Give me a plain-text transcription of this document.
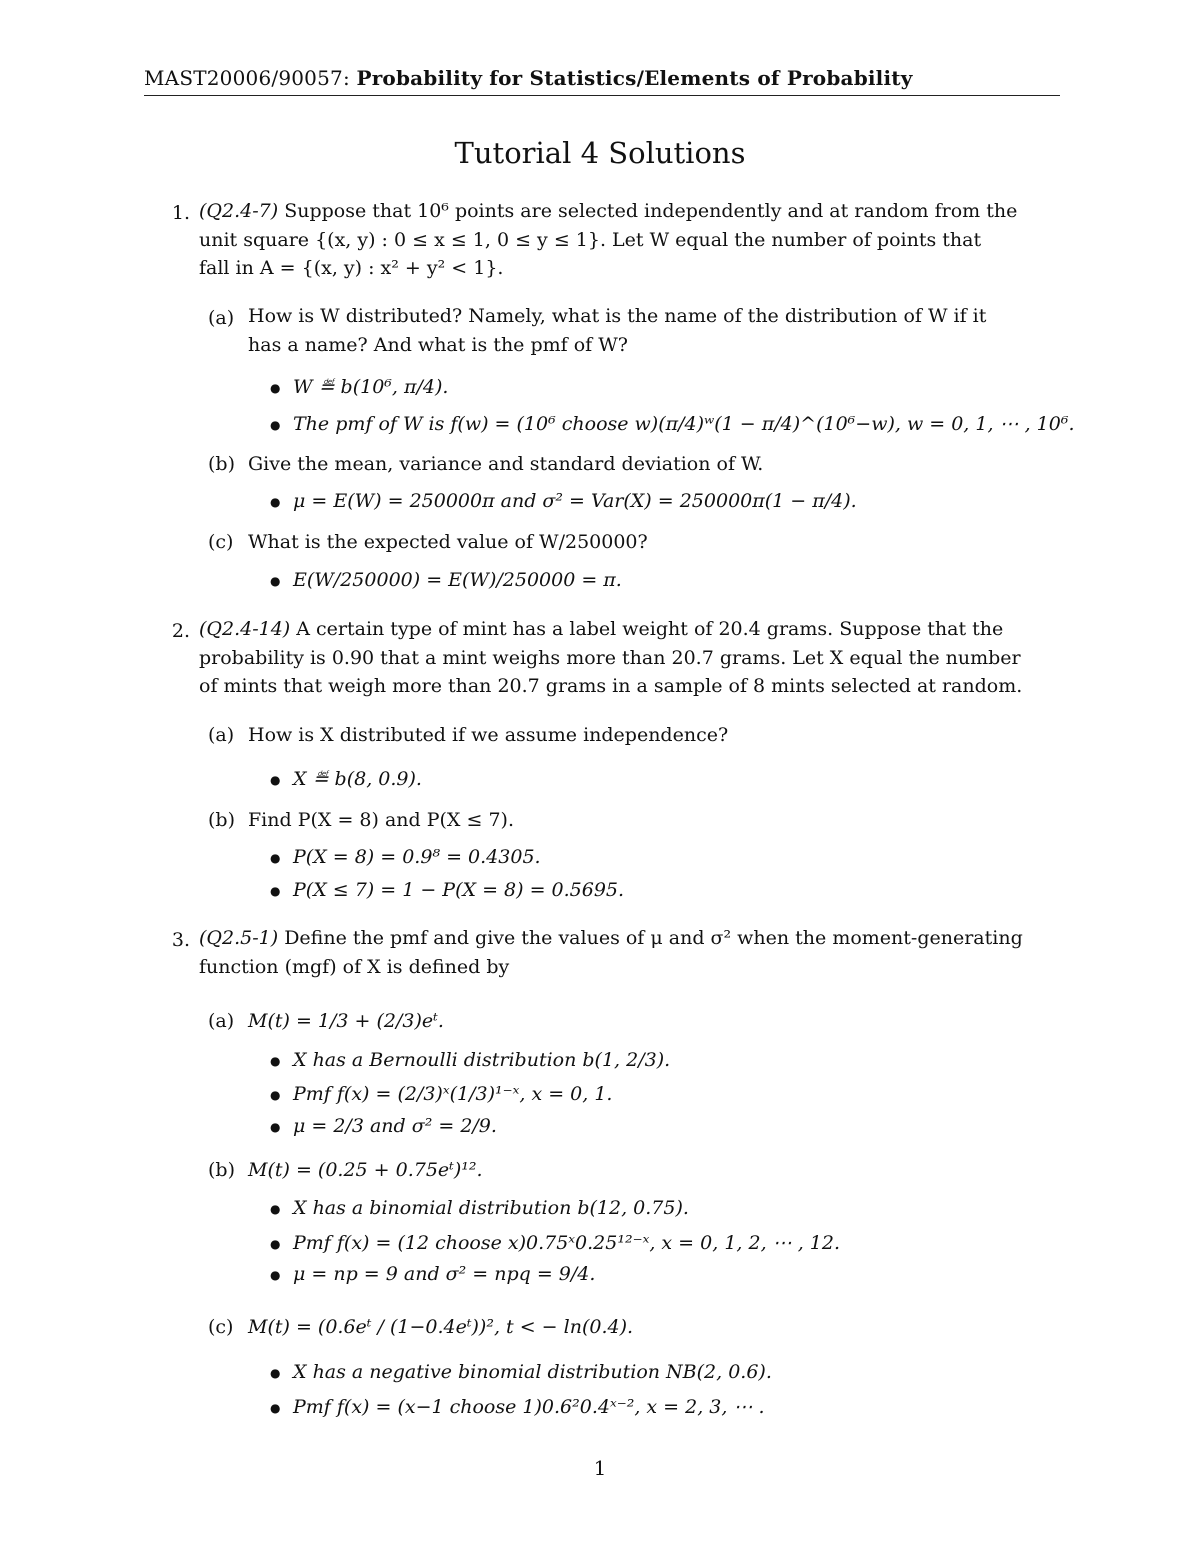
MAST20006/90057: Probability for Statistics/Elements of Probability
Tutorial 4 Solutions
1. (Q2.4-7) Suppose that 10⁶ points are selected independently and at random from the
unit square {(x, y) : 0 ≤ x ≤ 1, 0 ≤ y ≤ 1}. Let W equal the number of points that
fall in A = {(x, y) : x² + y² < 1}.
(a) How is W distributed? Namely, what is the name of the distribution of W if it
has a name? And what is the pmf of W?
● W ≝ b(10⁶, π/4).
● The pmf of W is f(w) = (10⁶ choose w)(π/4)ʷ(1 − π/4)^(10⁶−w), w = 0, 1, ⋯ , 10⁶.
(b) Give the mean, variance and standard deviation of W.
● μ = E(W) = 250000π and σ² = Var(X) = 250000π(1 − π/4).
(c) What is the expected value of W/250000?
● E(W/250000) = E(W)/250000 = π.
2. (Q2.4-14) A certain type of mint has a label weight of 20.4 grams. Suppose that the
probability is 0.90 that a mint weighs more than 20.7 grams. Let X equal the number
of mints that weigh more than 20.7 grams in a sample of 8 mints selected at random.
(a) How is X distributed if we assume independence?
● X ≝ b(8, 0.9).
(b) Find P(X = 8) and P(X ≤ 7).
● P(X = 8) = 0.9⁸ = 0.4305.
● P(X ≤ 7) = 1 − P(X = 8) = 0.5695.
3. (Q2.5-1) Define the pmf and give the values of μ and σ² when the moment-generating
function (mgf) of X is defined by
(a) M(t) = 1/3 + (2/3)eᵗ.
● X has a Bernoulli distribution b(1, 2/3).
● Pmf f(x) = (2/3)ˣ(1/3)¹⁻ˣ, x = 0, 1.
● μ = 2/3 and σ² = 2/9.
(b) M(t) = (0.25 + 0.75eᵗ)¹².
● X has a binomial distribution b(12, 0.75).
● Pmf f(x) = (12 choose x)0.75ˣ0.25¹²⁻ˣ, x = 0, 1, 2, ⋯ , 12.
● μ = np = 9 and σ² = npq = 9/4.
(c) M(t) = (0.6eᵗ / (1−0.4eᵗ))², t < − ln(0.4).
● X has a negative binomial distribution NB(2, 0.6).
● Pmf f(x) = (x−1 choose 1)0.6²0.4ˣ⁻², x = 2, 3, ⋯ .
1
